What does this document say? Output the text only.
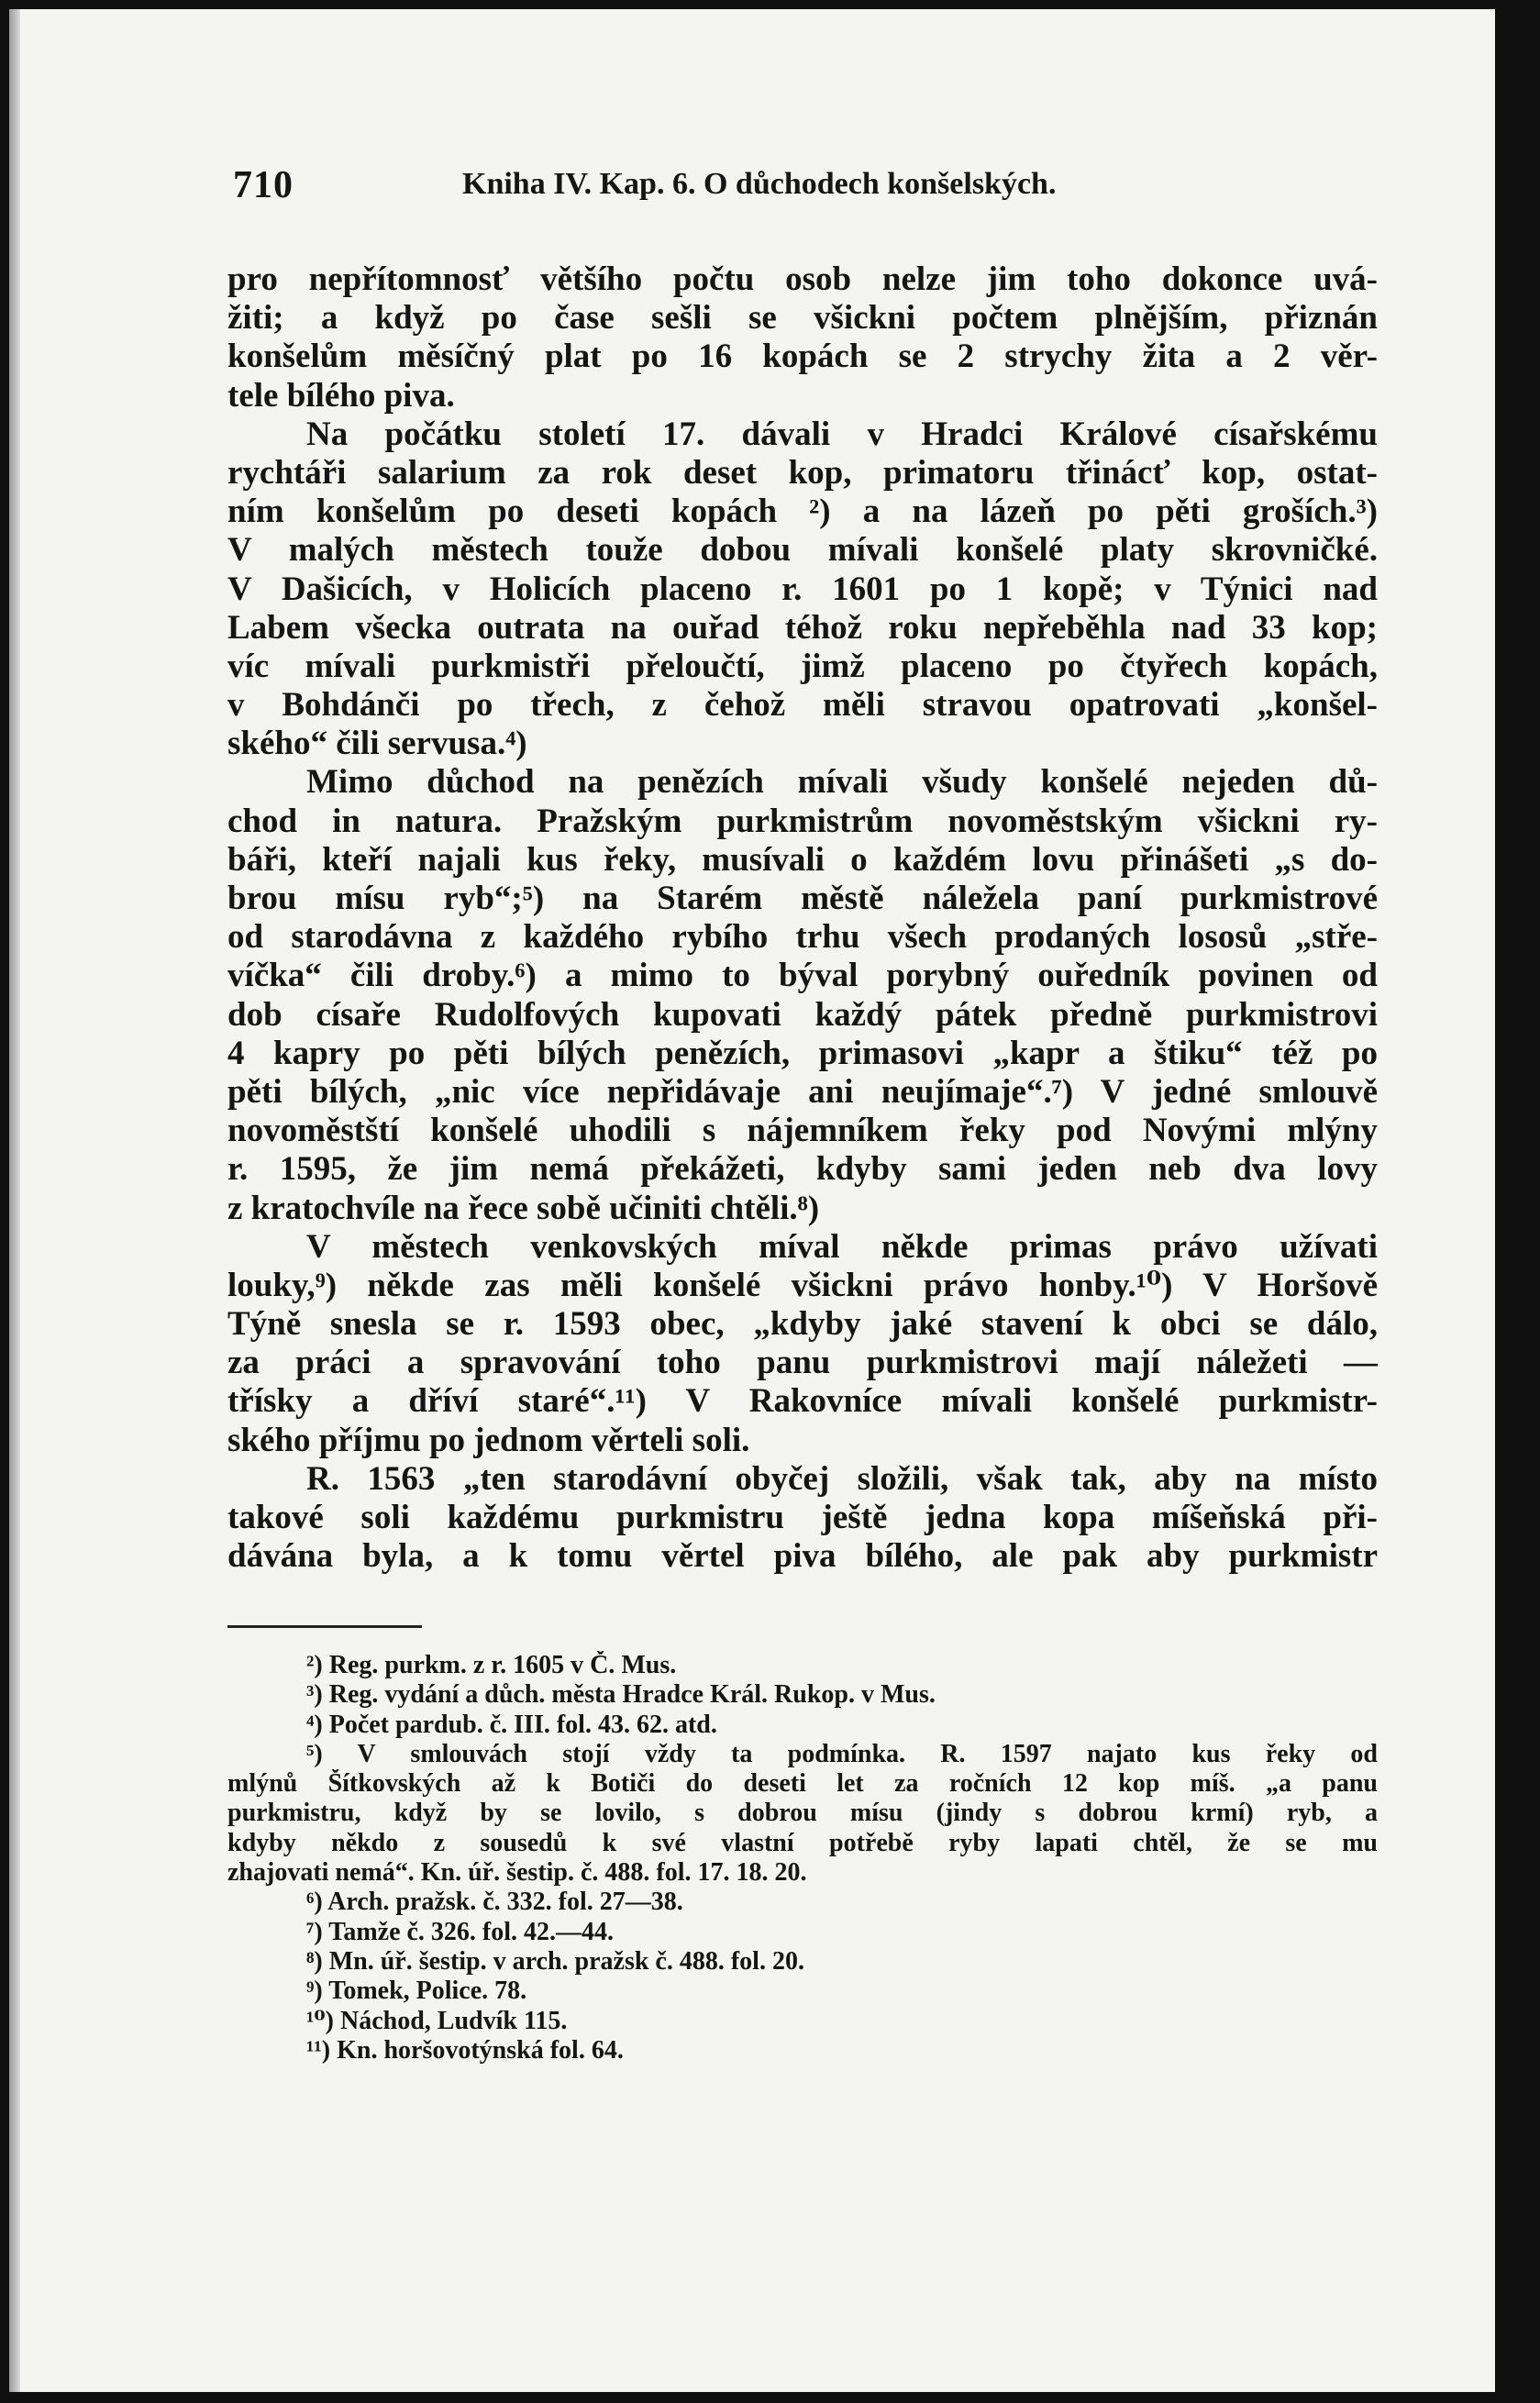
710	Kniha IV. Kap. 6. O důchodech konšelských.
pro nepřítomnosť většího počtu osob nelze jim toho dokonce uvá-
žiti; a když po čase sešli se všickni počtem plnějším, přiznán
konšelům měsíčný plat po 16 kopách se 2 strychy žita a 2 věr-
tele bílého piva.
Na počátku století 17. dávali v Hradci Králové císařskému
rychtáři salarium za rok deset kop, primatoru třinácť kop, ostat-
ním konšelům po deseti kopách ²) a na lázeň po pěti groších.³)
V malých městech touže dobou mívali konšelé platy skrovničké.
V Dašicích, v Holicích placeno r. 1601 po 1 kopě; v Týnici nad
Labem všecka outrata na ouřad téhož roku nepřeběhla nad 33 kop;
víc mívali purkmistři přeloučtí, jimž placeno po čtyřech kopách,
v Bohdánči po třech, z čehož měli stravou opatrovati „konšel-
ského“ čili servusa.⁴)
Mimo důchod na penězích mívali všudy konšelé nejeden dů-
chod in natura. Pražským purkmistrům novoměstským všickni ry-
báři, kteří najali kus řeky, musívali o každém lovu přinášeti „s do-
brou mísu ryb“;⁵) na Starém městě náležela paní purkmistrové
od starodávna z každého rybího trhu všech prodaných lososů „stře-
víčka“ čili droby.⁶) a mimo to býval porybný ouředník povinen od
dob císaře Rudolfových kupovati každý pátek předně purkmistrovi
4 kapry po pěti bílých penězích, primasovi „kapr a štiku“ též po
pěti bílých, „nic více nepřidávaje ani neujímaje“.⁷) V jedné smlouvě
novoměstští konšelé uhodili s nájemníkem řeky pod Novými mlýny
r. 1595, že jim nemá překážeti, kdyby sami jeden neb dva lovy
z kratochvíle na řece sobě učiniti chtěli.⁸)
V městech venkovských míval někde primas právo užívati
louky,⁹) někde zas měli konšelé všickni právo honby.¹⁰) V Horšově
Týně snesla se r. 1593 obec, „kdyby jaké stavení k obci se dálo,
za práci a spravování toho panu purkmistrovi mají náležeti —
třísky a dříví staré“.¹¹) V Rakovníce mívali konšelé purkmistr-
ského příjmu po jednom věrteli soli.
R. 1563 „ten starodávní obyčej složili, však tak, aby na místo
takové soli každému purkmistru ještě jedna kopa míšeňská při-
dávána byla, a k tomu věrtel piva bílého, ale pak aby purkmistr
²) Reg. purkm. z r. 1605 v Č. Mus.
³) Reg. vydání a důch. města Hradce Král. Rukop. v Mus.
⁴) Počet pardub. č. III. fol. 43. 62. atd.
⁵) V smlouvách stojí vždy ta podmínka. R. 1597 najato kus řeky od
mlýnů Šítkovských až k Botiči do deseti let za ročních 12 kop míš. „a panu
purkmistru, když by se lovilo, s dobrou mísu (jindy s dobrou krmí) ryb, a
kdyby někdo z sousedů k své vlastní potřebě ryby lapati chtěl, že se mu
zhajovati nemá“. Kn. úř. šestip. č. 488. fol. 17. 18. 20.
⁶) Arch. pražsk. č. 332. fol. 27—38.
⁷) Tamže č. 326. fol. 42.—44.
⁸) Mn. úř. šestip. v arch. pražsk č. 488. fol. 20.
⁹) Tomek, Police. 78.
¹⁰) Náchod, Ludvík 115.
¹¹) Kn. horšovotýnská fol. 64.
